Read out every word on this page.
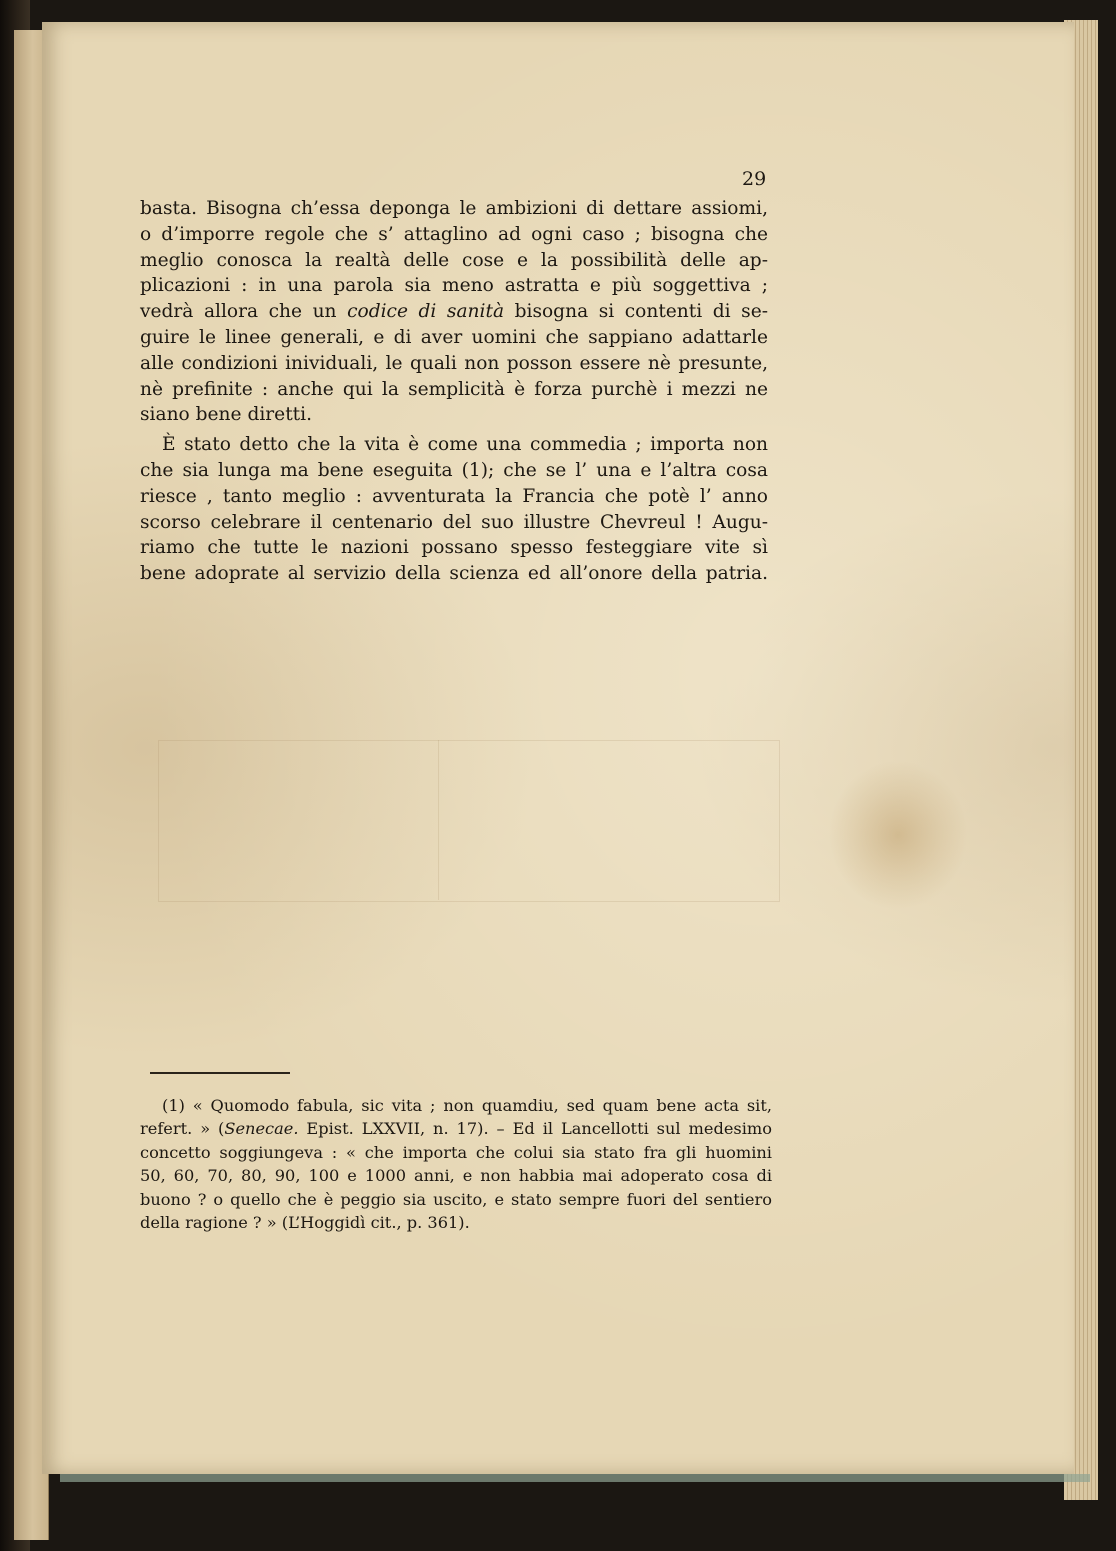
29
basta. Bisogna ch’essa deponga le ambizioni di dettare assiomi,
o d’imporre regole che s’ attaglino ad ogni caso ; bisogna che
meglio conosca la realtà delle cose e la possibilità delle ap-
plicazioni : in una parola sia meno astratta e più soggettiva ;
vedrà allora che un codice di sanità bisogna si contenti di se-
guire le linee generali, e di aver uomini che sappiano adattarle
alle condizioni inividuali, le quali non posson essere nè presunte,
nè prefinite : anche qui la semplicità è forza purchè i mezzi ne
siano bene diretti.
È stato detto che la vita è come una commedia ; importa non
che sia lunga ma bene eseguita (1); che se l’ una e l’altra cosa
riesce , tanto meglio : avventurata la Francia che potè l’ anno
scorso celebrare il centenario del suo illustre Chevreul ! Augu-
riamo che tutte le nazioni possano spesso festeggiare vite sì
bene adoprate al servizio della scienza ed all’onore della patria.
(1) « Quomodo fabula, sic vita ; non quamdiu, sed quam bene acta sit,
refert. » (Senecae. Epist. LXXVII, n. 17). – Ed il Lancellotti sul medesimo
concetto soggiungeva : « che importa che colui sia stato fra gli huomini
50, 60, 70, 80, 90, 100 e 1000 anni, e non habbia mai adoperato cosa di
buono ? o quello che è peggio sia uscito, e stato sempre fuori del sentiero
della ragione ? » (L’Hoggidì cit., p. 361).
